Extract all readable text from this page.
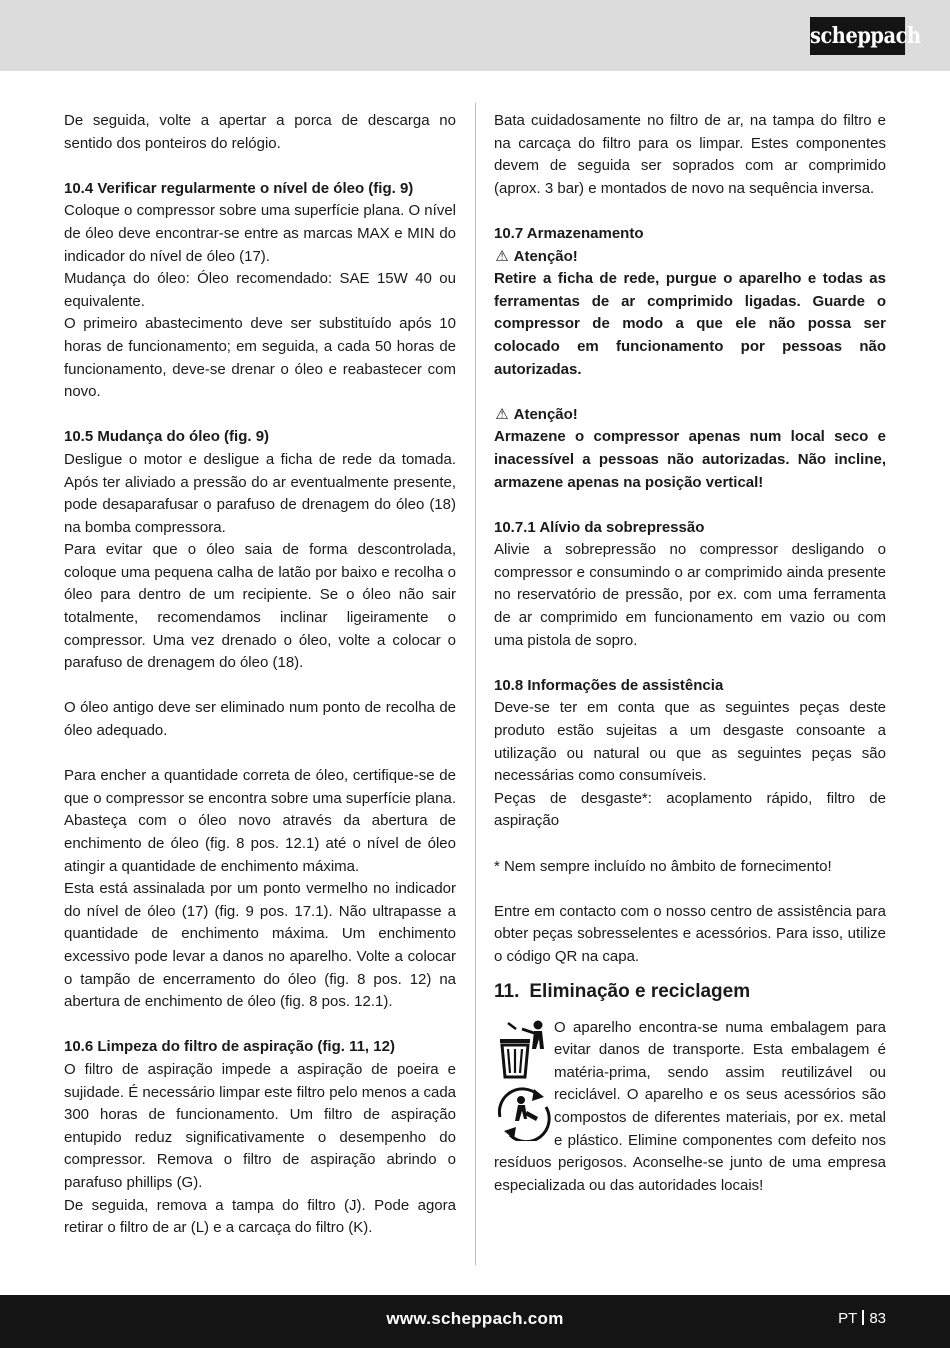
scheppach

De seguida, volte a apertar a porca de descarga no sentido dos ponteiros do relógio.

10.4 Verificar regularmente o nível de óleo (fig. 9)

Coloque o compressor sobre uma superfície plana. O nível de óleo deve encontrar-se entre as marcas MAX e MIN do indicador do nível de óleo (17).

Mudança do óleo: Óleo recomendado: SAE 15W 40 ou equivalente.

O primeiro abastecimento deve ser substituído após 10 horas de funcionamento; em seguida, a cada 50 horas de funcionamento, deve-se drenar o óleo e reabastecer com novo.

10.5 Mudança do óleo (fig. 9)

Desligue o motor e desligue a ficha de rede da tomada. Após ter aliviado a pressão do ar eventualmente presente, pode desaparafusar o parafuso de drenagem do óleo (18) na bomba compressora.

Para evitar que o óleo saia de forma descontrolada, coloque uma pequena calha de latão por baixo e recolha o óleo para dentro de um recipiente. Se o óleo não sair totalmente, recomendamos inclinar ligeiramente o compressor. Uma vez drenado o óleo, volte a colocar o parafuso de drenagem do óleo (18).

O óleo antigo deve ser eliminado num ponto de recolha de óleo adequado.

Para encher a quantidade correta de óleo, certifique-se de que o compressor se encontra sobre uma superfície plana. Abasteça com o óleo novo através da abertura de enchimento de óleo (fig. 8 pos. 12.1) até o nível de óleo atingir a quantidade de enchimento máxima.

Esta está assinalada por um ponto vermelho no indicador do nível de óleo (17) (fig. 9 pos. 17.1). Não ultrapasse a quantidade de enchimento máxima. Um enchimento excessivo pode levar a danos no aparelho. Volte a colocar o tampão de encerramento do óleo (fig. 8 pos. 12) na abertura de enchimento de óleo (fig. 8 pos. 12.1).

10.6 Limpeza do filtro de aspiração (fig. 11, 12)

O filtro de aspiração impede a aspiração de poeira e sujidade. É necessário limpar este filtro pelo menos a cada 300 horas de funcionamento. Um filtro de aspiração entupido reduz significativamente o desempenho do compressor. Remova o filtro de aspiração abrindo o parafuso phillips (G).

De seguida, remova a tampa do filtro (J). Pode agora retirar o filtro de ar (L) e a carcaça do filtro (K).

Bata cuidadosamente no filtro de ar, na tampa do filtro e na carcaça do filtro para os limpar. Estes componentes devem de seguida ser soprados com ar comprimido (aprox. 3 bar) e montados de novo na sequência inversa.

10.7 Armazenamento

⚠ Atenção!

Retire a ficha de rede, purgue o aparelho e todas as ferramentas de ar comprimido ligadas. Guarde o compressor de modo a que ele não possa ser colocado em funcionamento por pessoas não autorizadas.

⚠ Atenção!

Armazene o compressor apenas num local seco e inacessível a pessoas não autorizadas. Não incline, armazene apenas na posição vertical!

10.7.1 Alívio da sobrepressão

Alivie a sobrepressão no compressor desligando o compressor e consumindo o ar comprimido ainda presente no reservatório de pressão, por ex. com uma ferramenta de ar comprimido em funcionamento em vazio ou com uma pistola de sopro.

10.8 Informações de assistência

Deve-se ter em conta que as seguintes peças deste produto estão sujeitas a um desgaste consoante a utilização ou natural ou que as seguintes peças são necessárias como consumíveis.

Peças de desgaste*: acoplamento rápido, filtro de aspiração

* Nem sempre incluído no âmbito de fornecimento!

Entre em contacto com o nosso centro de assistência para obter peças sobresselentes e acessórios. Para isso, utilize o código QR na capa.

11. Eliminação e reciclagem

O aparelho encontra-se numa embalagem para evitar danos de transporte. Esta embalagem é matéria-prima, sendo assim reutilizável ou reciclável. O aparelho e os seus acessórios são compostos de diferentes materiais, por ex. metal e plástico. Elimine componentes com defeito nos resíduos perigosos. Aconselhe-se junto de uma empresa especializada ou das autoridades locais!

www.scheppach.com	PT 83
